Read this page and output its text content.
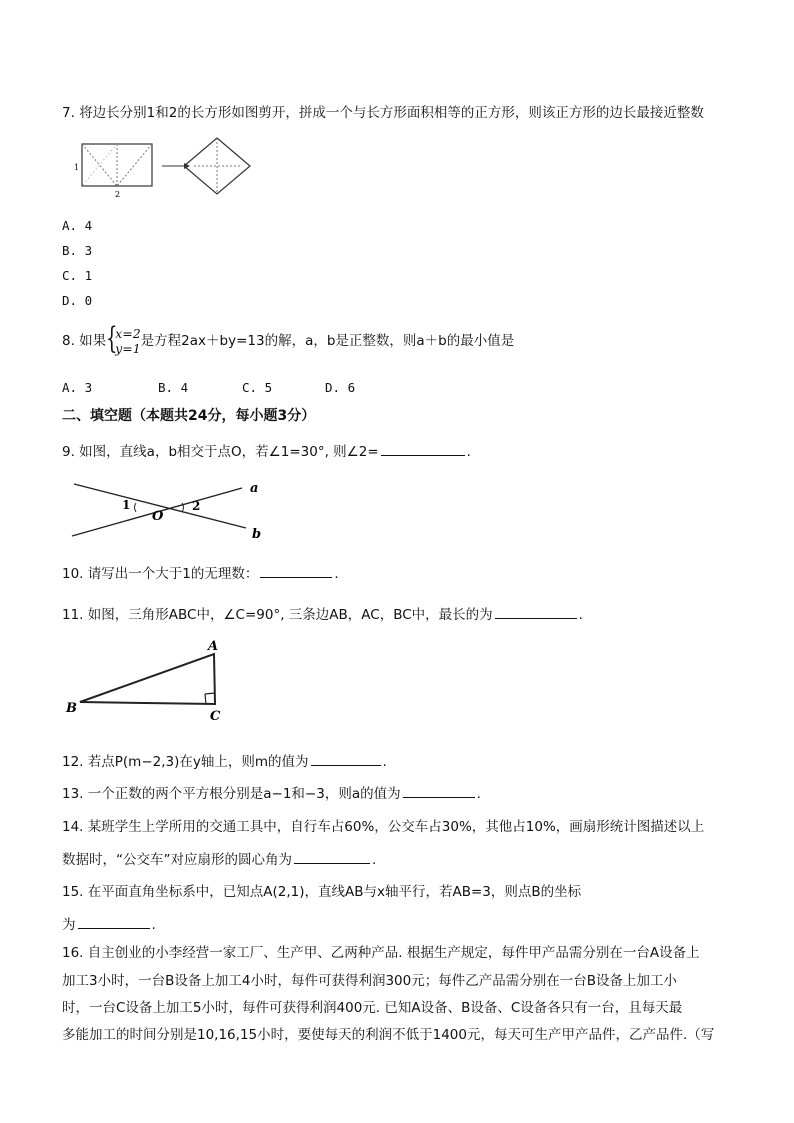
7. 将边长分别1和2的长方形如图剪开，拼成一个与长方形面积相等的正方形，则该正方形的边长最接近整数
1
2
A. 4
B. 3
C. 1
D. 0
8. 如果 {
x=2
y=1 是方程2ax＋by=13的解，a，b是正整数，则a＋b的最小值是
A. 3	B. 4	C. 5	D. 6
二、填空题（本题共24分，每小题3分）
9. 如图，直线a，b相交于点O，若∠1=30°, 则∠2=	.
a
b
O
1	2
10. 请写出一个大于1的无理数：	.
11. 如图，三角形ABC中，∠C=90°, 三条边AB，AC，BC中，最长的为	.
A
B
C
12. 若点P(m−2,3)在y轴上，则m的值为	.
13. 一个正数的两个平方根分别是a−1和−3，则a的值为	.
14. 某班学生上学所用的交通工具中，自行车占60%，公交车占30%，其他占10%，画扇形统计图描述以上
数据时，“公交车”对应扇形的圆心角为	.
15. 在平面直角坐标系中，已知点A(2,1)，直线AB与x轴平行，若AB=3，则点B的坐标
为	.
16. 自主创业的小李经营一家工厂、生产甲、乙两种产品. 根据生产规定，每件甲产品需分别在一台A设备上
加工3小时，一台B设备上加工4小时，每件可获得利润300元；每件乙产品需分别在一台B设备上加工小
时，一台C设备上加工5小时，每件可获得利润400元. 已知A设备、B设备、C设备各只有一台，且每天最
多能加工的时间分别是10,16,15小时，要使每天的利润不低于1400元，每天可生产甲产品件，乙产品件.（写
